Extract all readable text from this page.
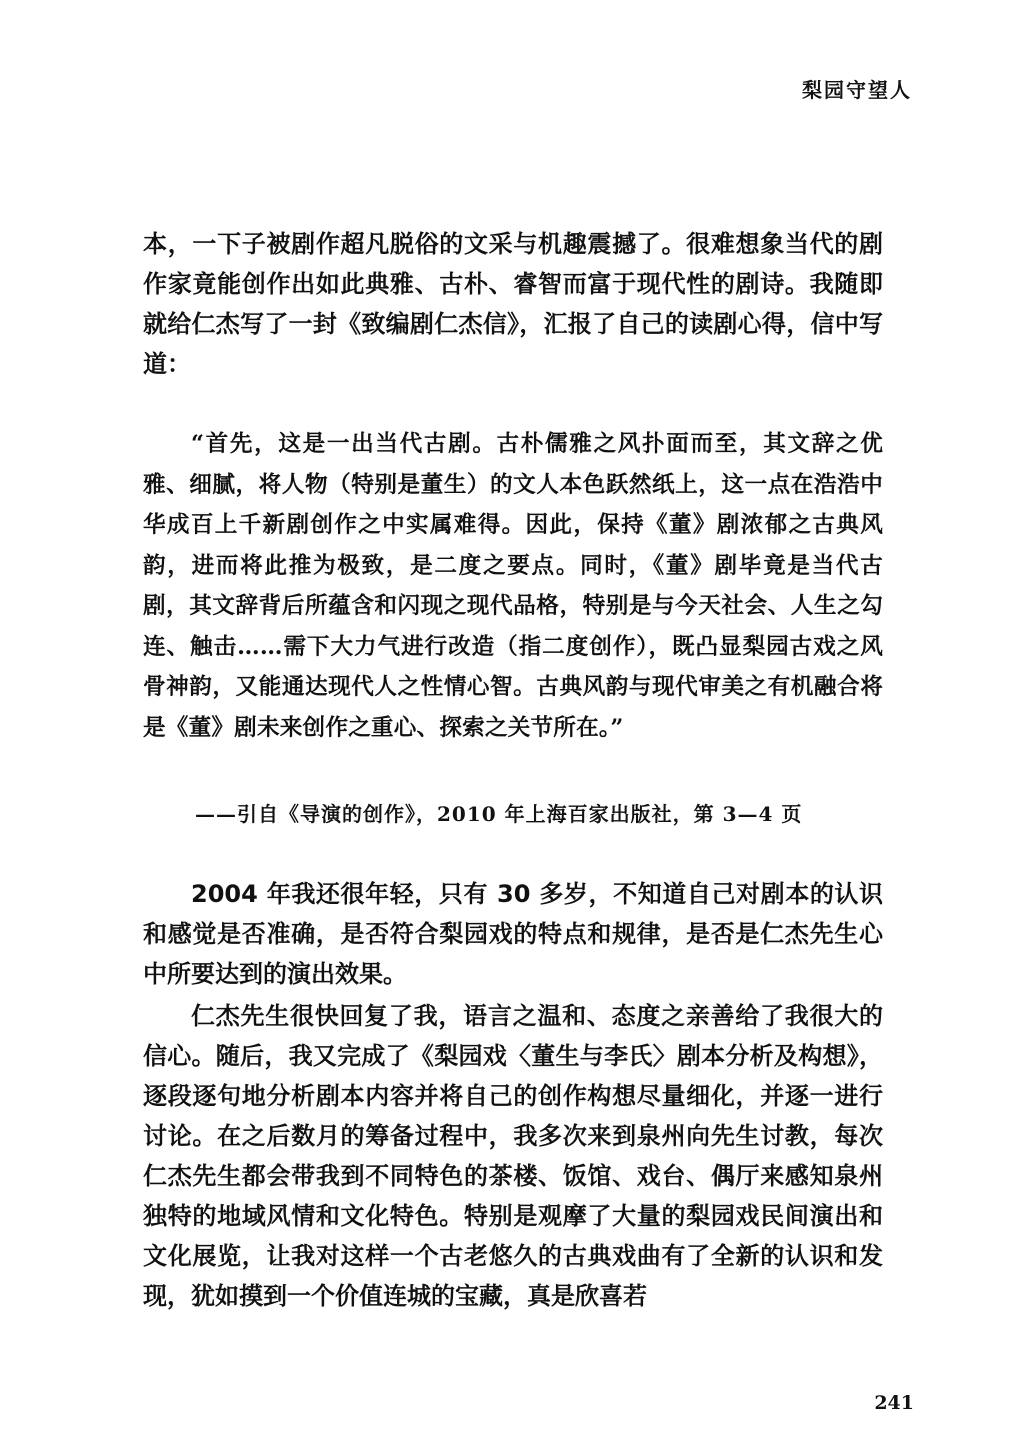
梨园守望人

本，一下子被剧作超凡脱俗的文采与机趣震撼了。很难想象当代的剧作家竟能创作出如此典雅、古朴、睿智而富于现代性的剧诗。我随即就给仁杰写了一封《致编剧仁杰信》，汇报了自己的读剧心得，信中写道：

“首先，这是一出当代古剧。古朴儒雅之风扑面而至，其文辞之优雅、细腻，将人物（特别是董生）的文人本色跃然纸上，这一点在浩浩中华成百上千新剧创作之中实属难得。因此，保持《董》剧浓郁之古典风韵，进而将此推为极致，是二度之要点。同时，《董》剧毕竟是当代古剧，其文辞背后所蕴含和闪现之现代品格，特别是与今天社会、人生之勾连、触击……需下大力气进行改造（指二度创作），既凸显梨园古戏之风骨神韵，又能通达现代人之性情心智。古典风韵与现代审美之有机融合将是《董》剧未来创作之重心、探索之关节所在。”

——引自《导演的创作》，2010 年上海百家出版社，第 3—4 页

2004 年我还很年轻，只有 30 多岁，不知道自己对剧本的认识和感觉是否准确，是否符合梨园戏的特点和规律，是否是仁杰先生心中所要达到的演出效果。

仁杰先生很快回复了我，语言之温和、态度之亲善给了我很大的信心。随后，我又完成了《梨园戏〈董生与李氏〉剧本分析及构想》，逐段逐句地分析剧本内容并将自己的创作构想尽量细化，并逐一进行讨论。在之后数月的筹备过程中，我多次来到泉州向先生讨教，每次仁杰先生都会带我到不同特色的茶楼、饭馆、戏台、偶厅来感知泉州独特的地域风情和文化特色。特别是观摩了大量的梨园戏民间演出和文化展览，让我对这样一个古老悠久的古典戏曲有了全新的认识和发现，犹如摸到一个价值连城的宝藏，真是欣喜若

241
